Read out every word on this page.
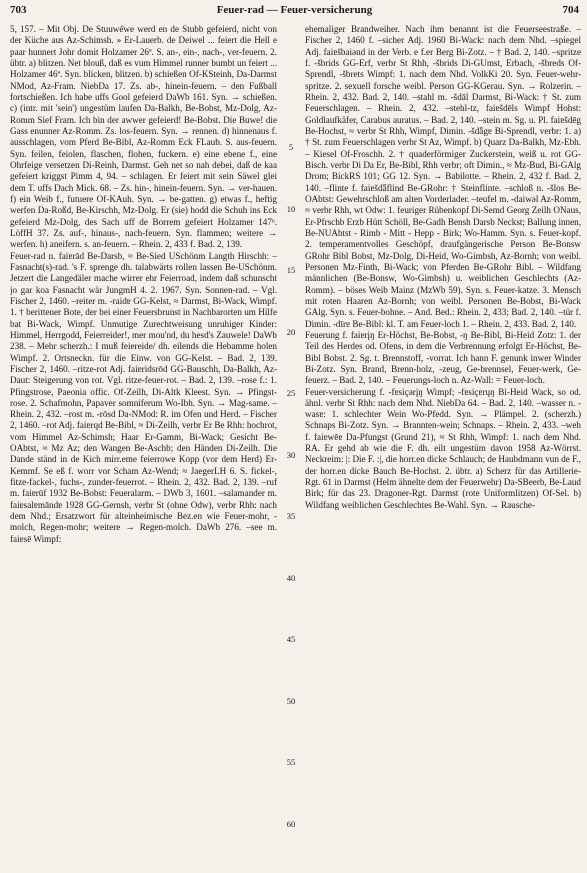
703	Feuer-rad — Feuer-versicherung	704

5, 157. – Mit Obj. De Stuuwe̋we werd en de Stubb gefeierd, nicht von der Küche aus Az-Schimsh. » Er-Lauerb. de Deiwel ... feiert die Hell e paar hunnert Johr domit Holzamer 26ª. S. an-, ein-, nach-, ver-feuern. 2. übtr. a) blitzen. Net blouß, daß es vum Himmel runner bumbt un feiert ... Holzamer 46ª. Syn. blicken, blitzen. b) schießen Of-KSteinh, Da-Darmst NMod, Az-Fram. NiebDa 17. Zs. ab-, hinein-feuern. – den Fußball fortschießen. Ich habe uffs Gool gefeierd DaWb 161. Syn. → schießen. c) (intr. mit 'sein') ungestüm laufen Da-Balkh, Be-Bobst, Mz-Dolg, Az-Romm Sief Fram. Ich bin der awwer gefeierd! Be-Bobst. Die Buwe! die Gass enunner Az-Romm. Zs. los-feuern. Syn. → rennen. d) hinnenaus f. ausschlagen, vom Pferd Be-Bibl, Az-Romm Eck FLaub. S. aus-feuern. Syn. feilen, feiolen, flaschen, flohen, fuckern. e) eine ebene f., eine Ohrfeige versetzen Di-Reinh, Darmst. Geh net so nah debei, daß de kaa gefeiert kriggst Pimm 4, 94. – schlagen. Er feiert mit sein Säwel glei dem T. uffs Dach Mick. 68. – Zs. hin-, hinein-feuern. Syn. → ver-hauen. f) ein Weib f., futuere Of-KAuh. Syn. → be-gatten. g) etwas f., heftig werfen Da-Roßd, Be-Kirschh, Mz-Dolg. Er (sie) hodd die Schuh ins Eck gefeierd Mz-Dolg, des Sach uff de Borrem gefeiert Holzamer 147ᵇ. LöffH 37. Zs. auf-, hinaus-, nach-feuern. Syn. flammen; weitere → werfen. h) aneifern. s. an-feuern. – Rhein. 2, 433 f. Bad. 2, 139.

Feuer-rad n. faiɐrād Be-Darsb, ≈ Be-Sied USchönm Langth Hirschh: – Fasnacht(s)-rad. 's F. sprenge dh. talabwärts rollen lassen Be-USchönm. Jetzert die Langedäler mache wirrer ehr Feierroad, indem daß schunscht jo gar koa Fasnacht wär JungmH 4. 2. 1967. Syn. Sonnen-rad. – Vgl. Fischer 2, 1460. –reiter m. -raidɐ GG-Kelst, ≈ Darmst, Bi-Wack, Wimpf. 1. † berittener Bote, der bei einer Feuersbrunst in Nachbarorten um Hilfe bat Bi-Wack, Wimpf. Unmutige Zurechtweisung unruhiger Kinder: Himmel, Herrgodd, Feierreider!, mer mou'nd, du hesd's Zauwele! DaWb 238. – Mehr scherzh.: I muß feiereide/ dh. eilends die Hebamme holen Wimpf. 2. Ortsneckn. für die Einw. von GG-Kelst. – Bad. 2, 139. Fischer 2, 1460. –ritze-rot Adj. faiɐridsrōd GG-Bauschh, Da-Balkh, Az-Daut: Steigerung von rot. Vgl. ritze-feuer-rot. – Bad. 2, 139. –rose f.: 1. Pfingstrose, Paeonia offic. Of-Zeilh, Di-Altk Kleest. Syn. → Pfingst-rose. 2. Schafmohn, Papaver somniferum Wo-Ibh. Syn. → Mag-same. – Rhein. 2, 432. –rost m. -rōsd Da-NMod: R. im Ofen und Herd. – Fischer 2, 1460. –rot Adj. faiɐrqd Be-Bibl, ≈ Di-Zeilh, verbr Er Be Rhh: hochrot, vom Himmel Az-Schimsh; Haar Er-Gamm, Bi-Wack; Gesicht Be-OAbtst, ≈ Mz Az; den Wangen Be-Aschb; den Händen Di-Zeilh. Die Dande ständ in de Kich mirr.eme feierrowe Kopp (vor dem Herd) Er-Kemmf. Se eß f. worr vor Scham Az-Wend; ≈ JaegerLH 6. S. fickel-, fitze-fackel-, fuchs-, zunder-feuerrot. – Rhein. 2, 432. Bad. 2, 139. –ruf m. faiɐrūf 1932 Be-Bobst: Feueralarm. – DWb 3, 1601. –salamander m. faiɐsalɐmāndɐ 1928 GG-Gernsh, verbr St (ohne Odw), verbr Rhh: nach dem Nhd.; Ersatzwort für alteinheimische Bez.en wie Feuer-mohr, -molch, Regen-mohr; weitere → Regen-molch. DaWb 276. –see m. faiɐsē Wimpf:

5
10
15
20
25
30
35
40
45
50
55
60

ehemaliger Brandweiher. Nach ihm benannt ist die Feuerseestraße. – Fischer 2, 1460 f. –sicher Adj. 1960 Bi-Wack: nach dem Nhd. –spiegel Adj. faiɐšbaiənd in der Verb. e f.er Berg Bi-Zotz. – † Bad. 2, 140. –spritze f. -šbrids GG-Erf, verbr St Rhh, -šbrids Di-GUmst, Erbach, -šbreds Of-Sprendl, -šbrets Wimpf: 1. nach dem Nhd. VolkKi 20. Syn. Feuer-wehr-spritze. 2. sexuell forsche weibl. Person GG-KGerau. Syn. → Rolzerin. – Rhein. 2, 432. Bad. 2, 140. –stahl m. -šdāl Darmst, Bi-Wack: † St. zum Feuerschlagen. – Rhein. 2, 432. –stehl-tz, faiɐšdēls Wimpf Hohst: Goldlaufkäfer, Carabus auratus. – Bad. 2, 140. –stein m. Sg. u. Pl. faiɐšdēg Be-Hochst, ≈ verbr St Rhh, Wimpf, Dimin. -šdǟgɐ Bi-Sprendl, verbr: 1. a) † St. zum Feuerschlagen verbr St Az, Wimpf. b) Quarz Da-Balkh, Mz-Ebh. – Kiesel Of-Froschh. 2. † quaderförmiger Zuckerstein, weiß u. rot GG-Bisch. verbr Di Da Er, Be-Bibl, Rhh verbr; oft Dimin., ≈ Mz-Bud, Bi-GAlg Drom; BickRS 101; GG 12. Syn. → Babilotte. – Rhein. 2, 432 f. Bad. 2, 140. –flinte f. faiɐšdǟflind Be-GRohr: † Steinflinte. –schloß n. -šlos Be-OAbtst: Gewehrschloß am alten Vorderlader. –teufel m. -daiwəl Az-Romm, ≈ verbr Rhh, wt Odw: 1. feuriger Rübenkopf Di-Semd Georg Zeilh ONaus, Er-Pfrschb Erzb Hütt Schöll, Be-Gadh Bensh Darsb Neckst; Ballung innen, Be-NUAbtst - Rimb - Mitt - Hepp - Birk; Wo-Hamm. Syn. s. Feuer-kopf. 2. temperamentvolles Geschöpf, draufgängerische Person Be-Bonsw GRohr Bibl Bobst, Mz-Dolg, Di-Heid, Wo-Gimbsh, Az-Bornh; von weibl. Personen Mz-Finth, Bi-Wack; von Pferden Be-GRohr Bibl. – Wildfang männlichen (Be-Bonsw, Wo-Gimbsh) u. weiblichen Geschlechts (Az-Romm). – böses Weib Mainz (MzWb 59). Syn. s. Feuer-katze. 3. Mensch mit roten Haaren Az-Bornh; von weibl. Personen Be-Bobst, Bi-Wack GAlg. Syn. s. Feuer-bohne. – And. Bed.: Rhein. 2, 433; Bad. 2, 140. –tür f. Dimin. -dīrɐ Be-Bibl: kl. T. am Feuer-loch 1. – Rhein. 2, 433. Bad. 2, 140.

Feuerung f. faiɐrįŋ Er-Höchst, Be-Bobst, -ŋ Be-Bibl, Bi-Heid Zotz: 1. der Teil des Herdes od. Ofens, in dem die Verbrennung erfolgt Er-Höchst, Be-Bibl Bobst. 2. Sg. t. Brennstoff, -vorrat. Ich hann F. genunk inwer Winder Bi-Zotz. Syn. Brand, Brenn-holz, -zeug, Ge-brennsel, Feuer-werk, Ge-feuerz. – Bad. 2, 140. – Feuerungs-loch n. Az-Wall: = Feuer-loch.

Feuer-versicherung f. -fɐsiçərįŋ Wimpf; -fɐsiçɐrųŋ Bi-Heid Wack, so od. ähnl. verbr St Rhh: nach dem Nhd. NiebDa 64. – Bad. 2, 140. –wasser n. -wasɐ: 1. schlechter Wein Wo-Pfedd. Syn. → Plämpel. 2. (scherzh.) Schnaps Bi-Zotz. Syn. → Brannten-wein; Schnaps. – Rhein. 2, 433. –weh f. faiɐwēɐ Da-Pfungst (Grund 21), ≈ St Rhh, Wimpf: 1. nach dem Nhd. RA. Er gehd ab wie die F. dh. eilt ungestüm davon 1958 Az-Wörrst. Neckreim: |: Die F. :|, die horr.en dicke Schlauch; de Haubdmann vun de F., der horr.en dicke Bauch Be-Hochst. 2. übtr. a) Scherz für das Artillerie-Rgt. 61 in Darmst (Helm ähnelte dem der Feuerwehr) Da-SBeerb, Be-Laud Birk; für das 23. Dragoner-Rgt. Darmst (rote Uniformlitzen) Of-Sel. b) Wildfang weiblichen Geschlechtes Be-Wahl. Syn. → Rausche-
